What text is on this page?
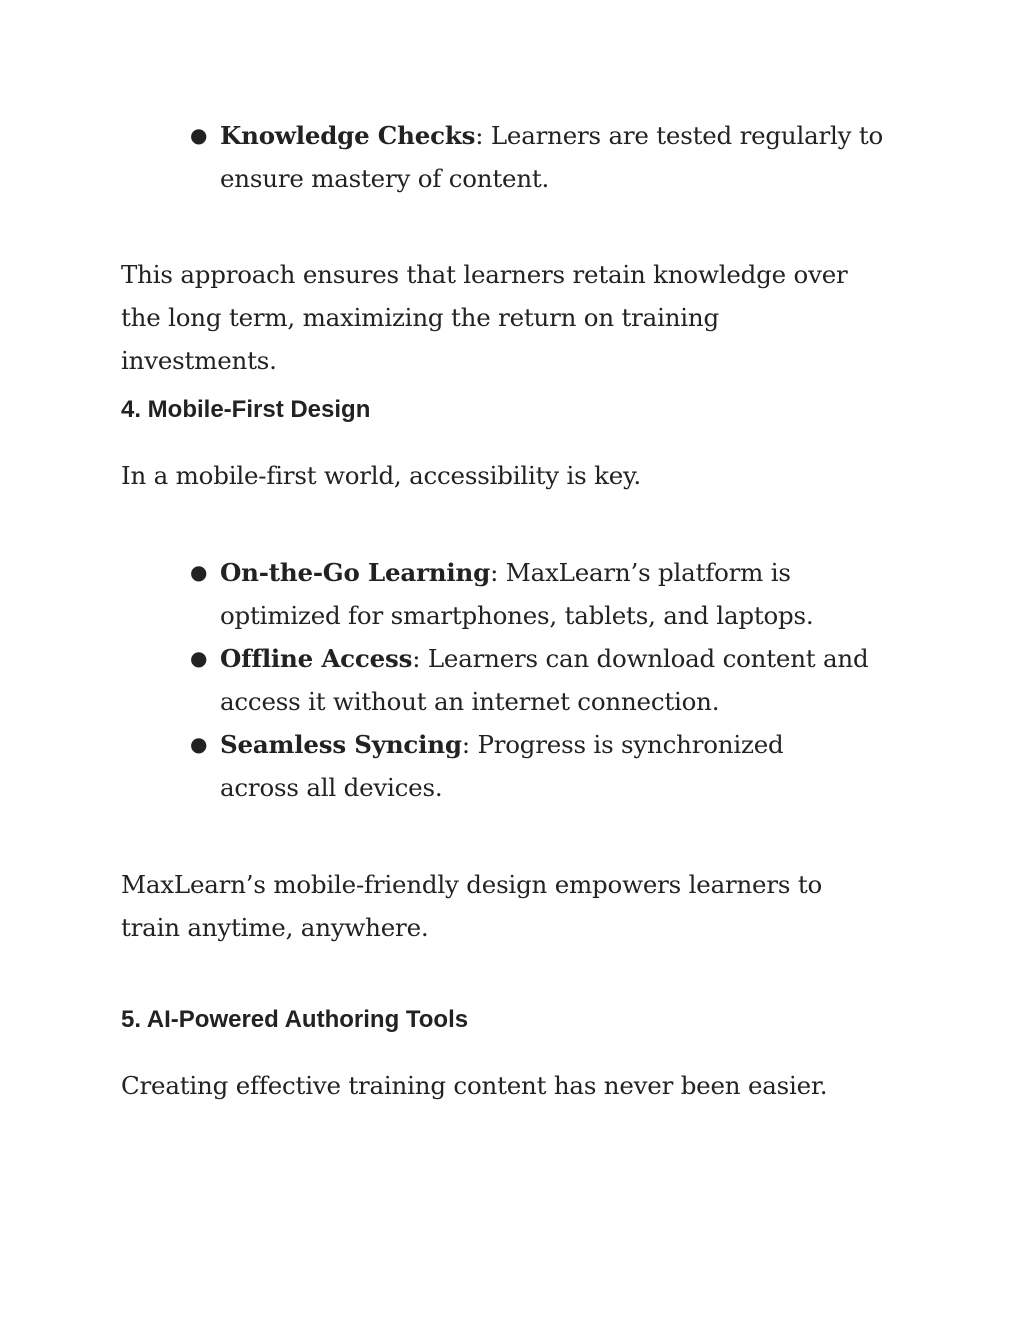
● Knowledge Checks: Learners are tested regularly to ensure mastery of content.

This approach ensures that learners retain knowledge over the long term, maximizing the return on training investments.

4. Mobile-First Design

In a mobile-first world, accessibility is key.

● On-the-Go Learning: MaxLearn’s platform is optimized for smartphones, tablets, and laptops.
● Offline Access: Learners can download content and access it without an internet connection.
● Seamless Syncing: Progress is synchronized across all devices.

MaxLearn’s mobile-friendly design empowers learners to train anytime, anywhere.

5. AI-Powered Authoring Tools

Creating effective training content has never been easier.
